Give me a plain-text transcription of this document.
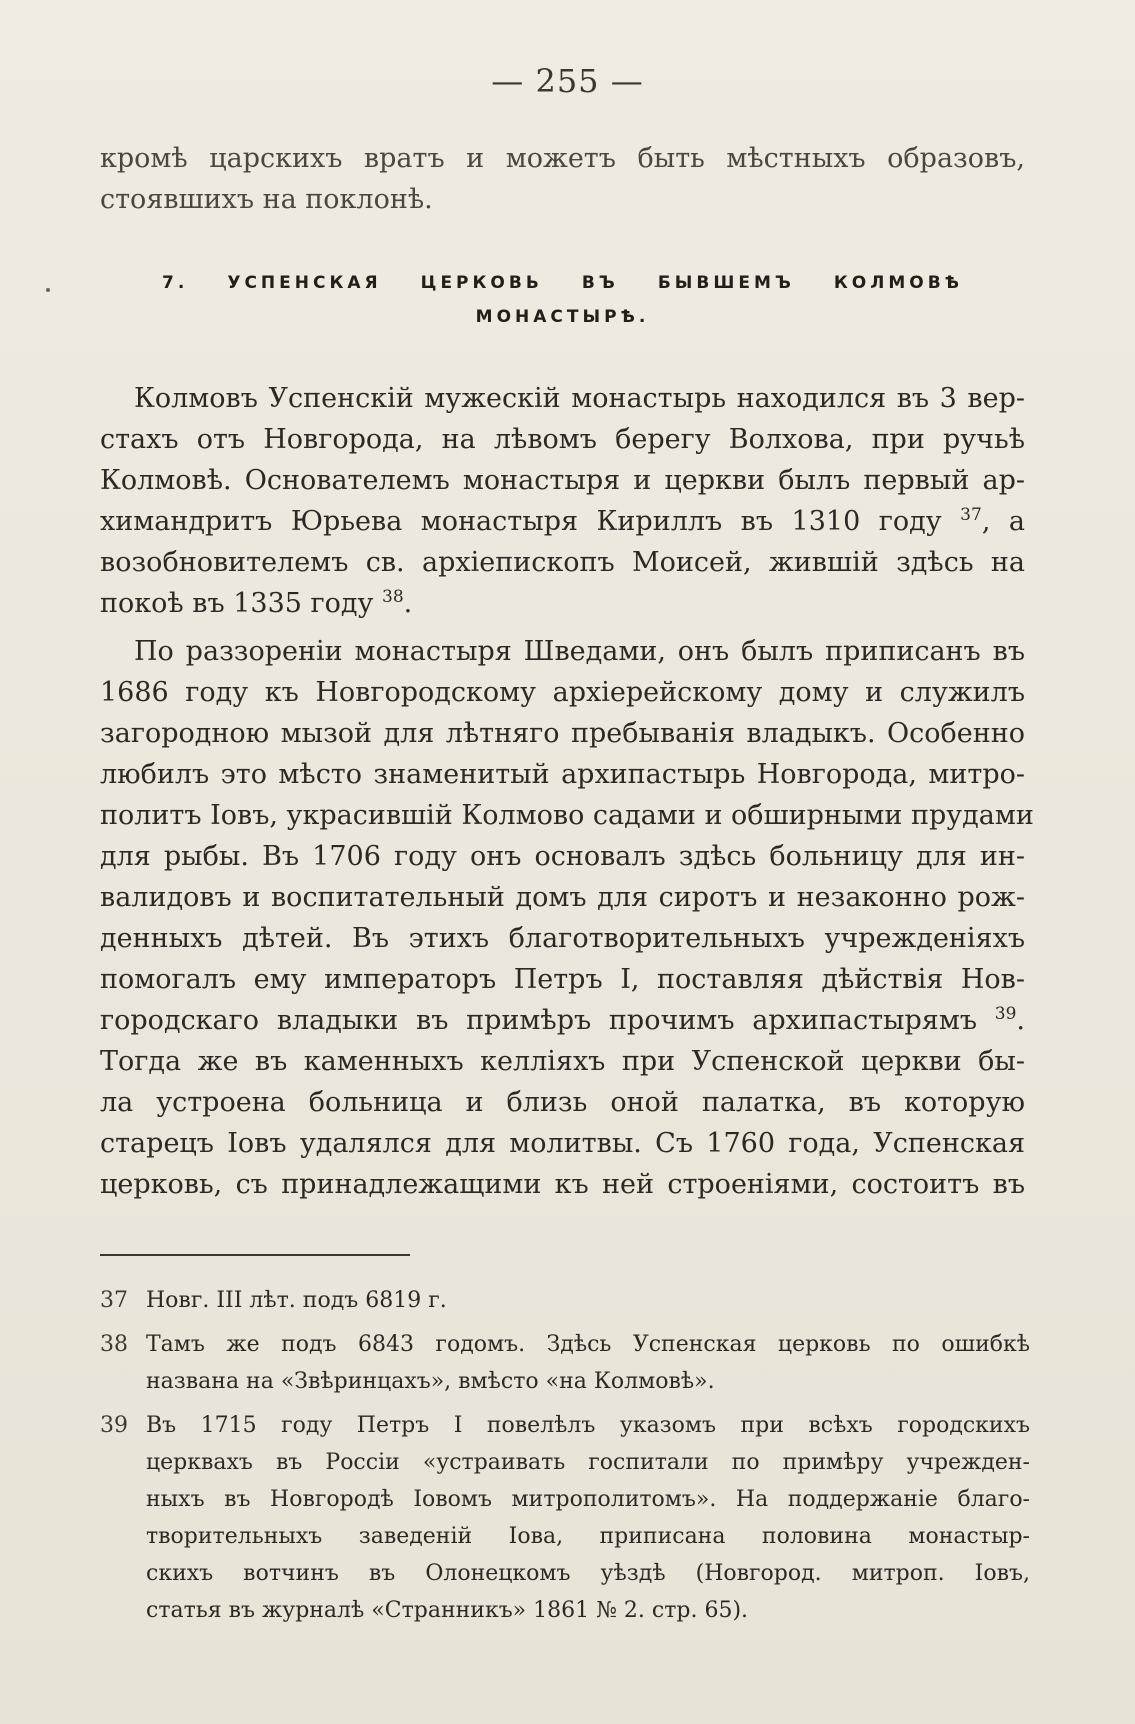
— 255 —
кромѣ царскихъ вратъ и можетъ быть мѣстныхъ образовъ,
стоявшихъ на поклонѣ.
7. УСПЕНСКАЯ ЦЕРКОВЬ ВЪ БЫВШЕМЪ КОЛМОВѢ
МОНАСТЫРѢ.
Колмовъ Успенскій мужескій монастырь находился въ 3 вер-
стахъ отъ Новгорода, на лѣвомъ берегу Волхова, при ручьѣ
Колмовѣ. Основателемъ монастыря и церкви былъ первый ар-
химандритъ Юрьева монастыря Кириллъ въ 1310 году $^{37}$, а
возобновителемъ св. архіепископъ Моисей, жившій здѣсь на
покоѣ въ 1335 году $^{38}$.
По раззореніи монастыря Шведами, онъ былъ приписанъ въ
1686 году къ Новгородскому архіерейскому дому и служилъ
загородною мызой для лѣтняго пребыванія владыкъ. Особенно
любилъ это мѣсто знаменитый архипастырь Новгорода, митро-
политъ Іовъ, украсившій Колмово садами и обширными прудами
для рыбы. Въ 1706 году онъ основалъ здѣсь больницу для ин-
валидовъ и воспитательный домъ для сиротъ и незаконно рож-
денныхъ дѣтей. Въ этихъ благотворительныхъ учрежденіяхъ
помогалъ ему императоръ Петръ I, поставляя дѣйствія Нов-
городскаго владыки въ примѣръ прочимъ архипастырямъ $^{39}$.
Тогда же въ каменныхъ келліяхъ при Успенской церкви бы-
ла устроена больница и близь оной палатка, въ которую
старецъ Іовъ удалялся для молитвы. Съ 1760 года, Успенская
церковь, съ принадлежащими къ ней строеніями, состоитъ въ
37 Новг. III лѣт. подъ 6819 г.
38 Тамъ же подъ 6843 годомъ. Здѣсь Успенская церковь по ошибкѣ
названа на «Звѣринцахъ», вмѣсто «на Колмовѣ».
39 Въ 1715 году Петръ I повелѣлъ указомъ при всѣхъ городскихъ
церквахъ въ Россіи «устраивать госпитали по примѣру учрежден-
ныхъ въ Новгородѣ Іовомъ митрополитомъ». На поддержаніе благо-
творительныхъ заведеній Іова, приписана половина монастыр-
скихъ вотчинъ въ Олонецкомъ уѣздѣ (Новгород. митроп. Іовъ,
статья въ журналѣ «Странникъ» 1861 № 2. стр. 65).
